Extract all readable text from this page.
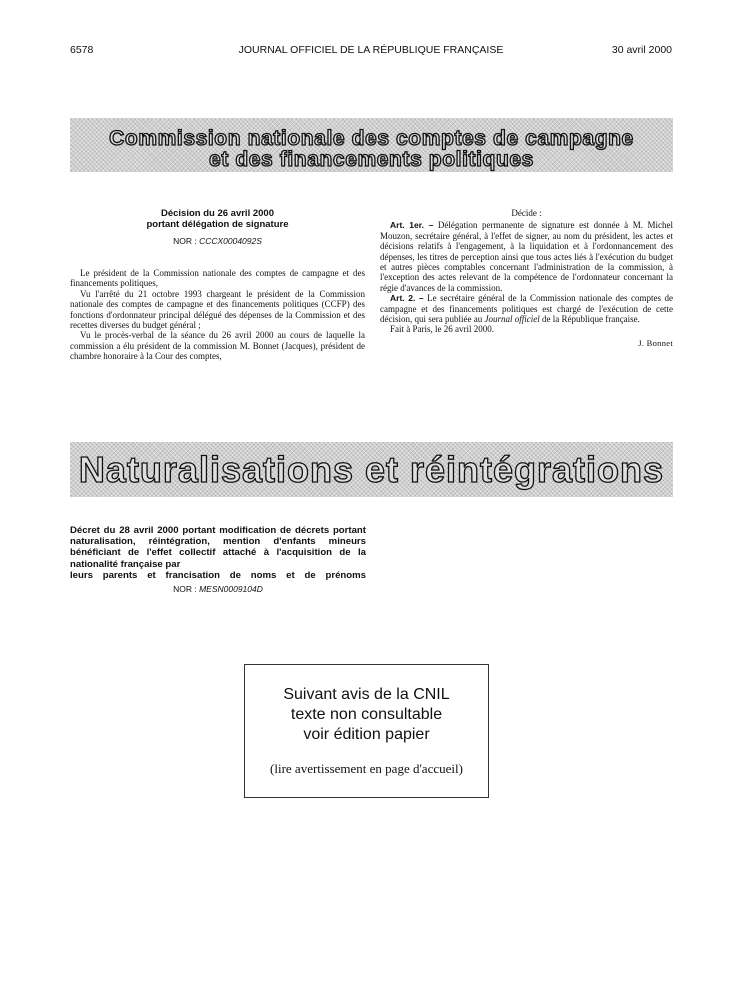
JOURNAL OFFICIEL DE LA RÉPUBLIQUE FRANÇAISE
6578	30 avril 2000
Commission nationale des comptes de campagne
et des financements politiques
Décision du 26 avril 2000
portant délégation de signature
NOR : CCCX0004092S

Le président de la Commission nationale des comptes de campagne et des financements politiques,

Vu l'arrêté du 21 octobre 1993 chargeant le président de la Commission nationale des comptes de campagne et des financements politiques (CCFP) des fonctions d'ordonnateur principal délégué des dépenses de la Commission et des recettes diverses du budget général ;

Vu le procès-verbal de la séance du 26 avril 2000 au cours de laquelle la commission a élu président de la commission M. Bonnet (Jacques), président de chambre honoraire à la Cour des comptes,

Décide :

Art. 1er. – Délégation permanente de signature est donnée à M. Michel Mouzon, secrétaire général, à l'effet de signer, au nom du président, les actes et décisions relatifs à l'engagement, à la liquidation et à l'ordonnancement des dépenses, les titres de perception ainsi que tous actes liés à l'exécution du budget et autres pièces comptables concernant l'administration de la commission, à l'exception des actes relevant de la compétence de l'ordonnateur concernant la régie d'avances de la commission.

Art. 2. – Le secrétaire général de la Commission nationale des comptes de campagne et des financements politiques est chargé de l'exécution de cette décision, qui sera publiée au Journal officiel de la République française.

Fait à Paris, le 26 avril 2000.

J. Bonnet
Naturalisations et réintégrations
Décret du 28 avril 2000 portant modification de décrets portant naturalisation, réintégration, mention d'enfants mineurs bénéficiant de l'effet collectif attaché à l'acquisition de la nationalité française par
leurs parents et francisation de noms et de prénoms
NOR : MESN0009104D
Suivant avis de la CNIL
texte non consultable
voir édition papier
(lire avertissement en page d'accueil)
